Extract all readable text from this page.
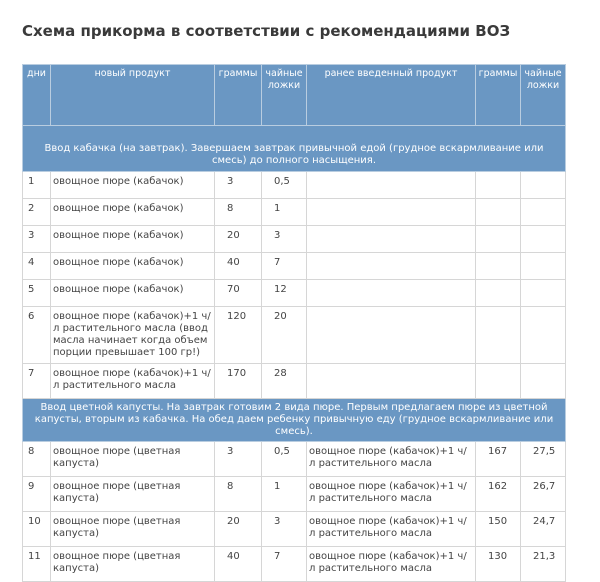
Схема прикорма в соответствии с рекомендациями ВОЗ
дни	новый продукт	граммы	чайные ложки	ранее введенный продукт	граммы	чайные ложки
Ввод кабачка (на завтрак). Завершаем завтрак привычной едой (грудное вскармливание или смесь) до полного насыщения.						
1	овощное пюре (кабачок)	3	0,5			
2	овощное пюре (кабачок)	8	1			
3	овощное пюре (кабачок)	20	3			
4	овощное пюре (кабачок)	40	7			
5	овощное пюре (кабачок)	70	12			
6	овощное пюре (кабачок)+1 ч/л растительного масла (ввод масла начинает когда объем порции превышает 100 гр!)	120	20			
7	овощное пюре (кабачок)+1 ч/л растительного масла	170	28			
Ввод цветной капусты. На завтрак готовим 2 вида пюре. Первым предлагаем пюре из цветной капусты, вторым из кабачка. На обед даем ребенку привычную еду (грудное вскармливание или смесь).						
8	овощное пюре (цветная капуста)	3	0,5	овощное пюре (кабачок)+1 ч/л растительного масла	167	27,5
9	овощное пюре (цветная капуста)	8	1	овощное пюре (кабачок)+1 ч/л растительного масла	162	26,7
10	овощное пюре (цветная капуста)	20	3	овощное пюре (кабачок)+1 ч/л растительного масла	150	24,7
11	овощное пюре (цветная капуста)	40	7	овощное пюре (кабачок)+1 ч/л растительного масла	130	21,3
